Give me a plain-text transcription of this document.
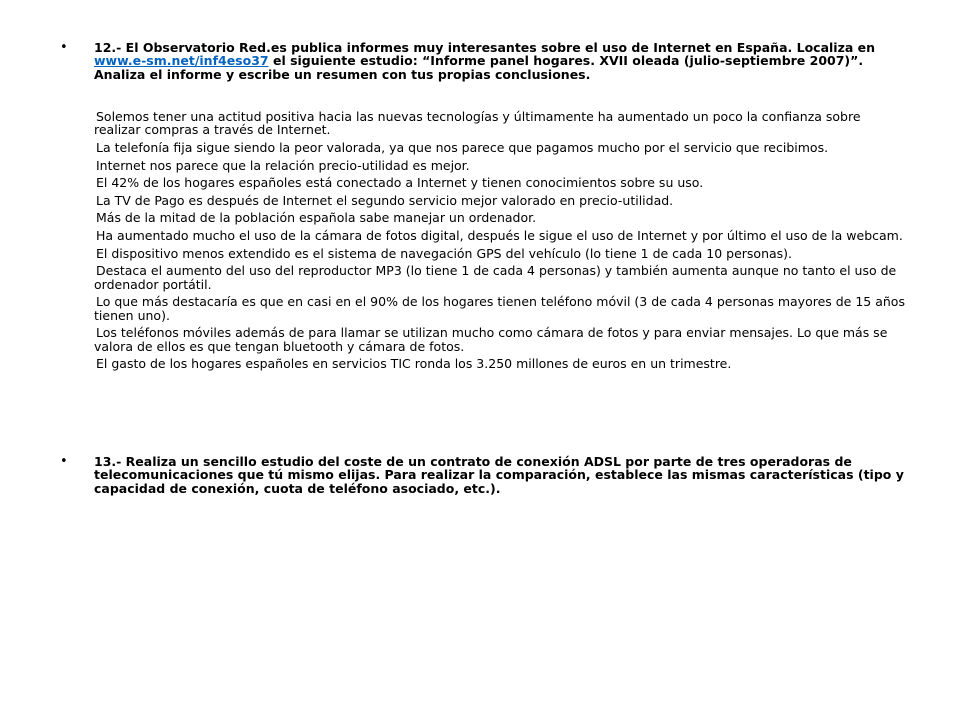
• 12.- El Observatorio Red.es publica informes muy interesantes sobre el uso de Internet en España. Localiza en www.e-sm.net/inf4eso37 el siguiente estudio: “Informe panel hogares. XVII oleada (julio-septiembre 2007)”. Analiza el informe y escribe un resumen con tus propias conclusiones.

Solemos tener una actitud positiva hacia las nuevas tecnologías y últimamente ha aumentado un poco la confianza sobre realizar compras a través de Internet.

La telefonía fija sigue siendo la peor valorada, ya que nos parece que pagamos mucho por el servicio que recibimos.

Internet nos parece que la relación precio-utilidad es mejor.

El 42% de los hogares españoles está conectado a Internet y tienen conocimientos sobre su uso.

La TV de Pago es después de Internet el segundo servicio mejor valorado en precio-utilidad.

Más de la mitad de la población española sabe manejar un ordenador.

Ha aumentado mucho el uso de la cámara de fotos digital, después le sigue el uso de Internet y por último el uso de la webcam.

El dispositivo menos extendido es el sistema de navegación GPS del vehículo (lo tiene 1 de cada 10 personas).

Destaca el aumento del uso del reproductor MP3 (lo tiene 1 de cada 4 personas) y también aumenta aunque no tanto el uso de ordenador portátil.

Lo que más destacaría es que en casi en el 90% de los hogares tienen teléfono móvil (3 de cada 4 personas mayores de 15 años tienen uno).

Los teléfonos móviles además de para llamar se utilizan mucho como cámara de fotos y para enviar mensajes. Lo que más se valora de ellos es que tengan bluetooth y cámara de fotos.

El gasto de los hogares españoles en servicios TIC ronda los 3.250 millones de euros en un trimestre.

• 13.- Realiza un sencillo estudio del coste de un contrato de conexión ADSL por parte de tres operadoras de telecomunicaciones que tú mismo elijas. Para realizar la comparación, establece las mismas características (tipo y capacidad de conexión, cuota de teléfono asociado, etc.).
